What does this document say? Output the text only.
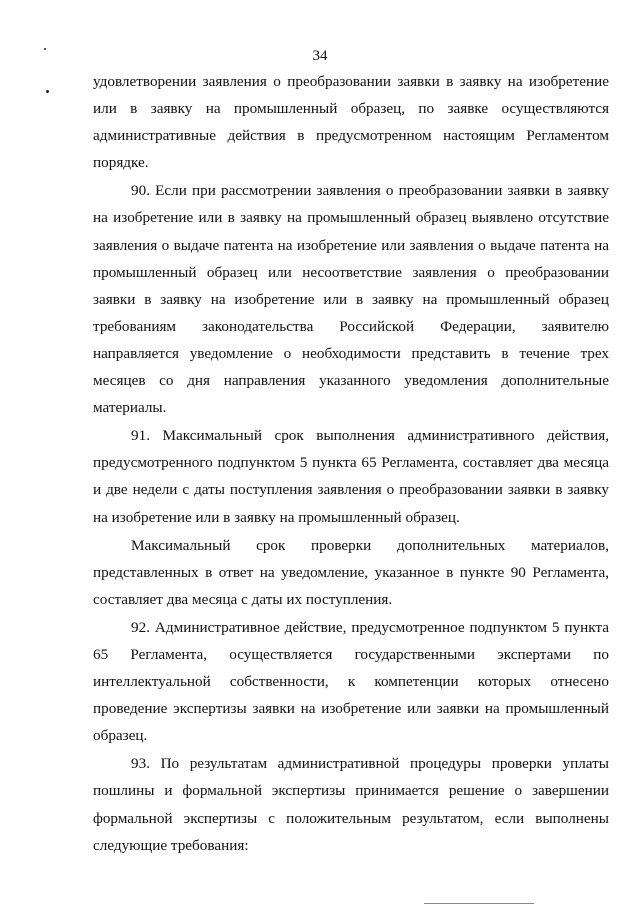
34

удовлетворении заявления о преобразовании заявки в заявку на изобретение или в заявку на промышленный образец, по заявке осуществляются административные действия в предусмотренном настоящим Регламентом порядке.

90. Если при рассмотрении заявления о преобразовании заявки в заявку на изобретение или в заявку на промышленный образец выявлено отсутствие заявления о выдаче патента на изобретение или заявления о выдаче патента на промышленный образец или несоответствие заявления о преобразовании заявки в заявку на изобретение или в заявку на промышленный образец требованиям законодательства Российской Федерации, заявителю направляется уведомление о необходимости представить в течение трех месяцев со дня направления указанного уведомления дополнительные материалы.

91. Максимальный срок выполнения административного действия, предусмотренного подпунктом 5 пункта 65 Регламента, составляет два месяца и две недели с даты поступления заявления о преобразовании заявки в заявку на изобретение или в заявку на промышленный образец.

Максимальный срок проверки дополнительных материалов, представленных в ответ на уведомление, указанное в пункте 90 Регламента, составляет два месяца с даты их поступления.

92. Административное действие, предусмотренное подпунктом 5 пункта 65 Регламента, осуществляется государственными экспертами по интеллектуальной собственности, к компетенции которых отнесено проведение экспертизы заявки на изобретение или заявки на промышленный образец.

93. По результатам административной процедуры проверки уплаты пошлины и формальной экспертизы принимается решение о завершении формальной экспертизы с положительным результатом, если выполнены следующие требования:
